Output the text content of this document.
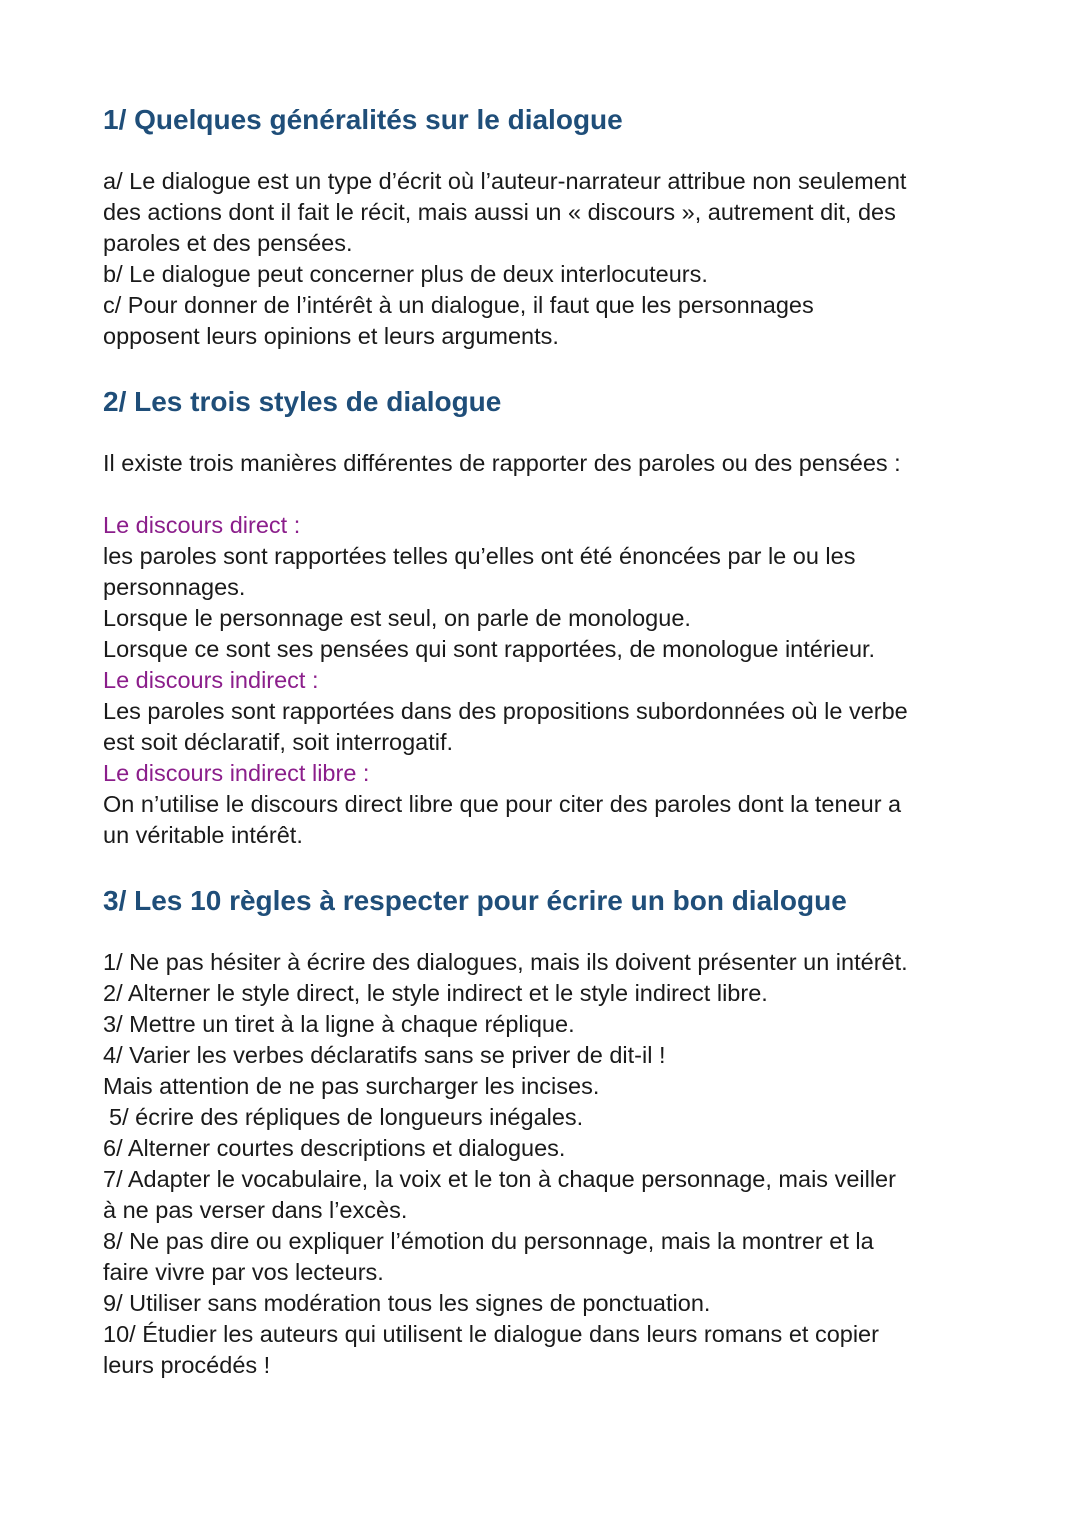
1/ Quelques généralités sur le dialogue

a/ Le dialogue est un type d’écrit où l’auteur-narrateur attribue non seulement

des actions dont il fait le récit, mais aussi un « discours », autrement dit, des

paroles et des pensées.

b/ Le dialogue peut concerner plus de deux interlocuteurs.

c/ Pour donner de l’intérêt à un dialogue, il faut que les personnages

opposent leurs opinions et leurs arguments.

2/ Les trois styles de dialogue

Il existe trois manières différentes de rapporter des paroles ou des pensées :

Le discours direct :

les paroles sont rapportées telles qu’elles ont été énoncées par le ou les

personnages.

Lorsque le personnage est seul, on parle de monologue.

Lorsque ce sont ses pensées qui sont rapportées, de monologue intérieur.

Le discours indirect :

Les paroles sont rapportées dans des propositions subordonnées où le verbe

est soit déclaratif, soit interrogatif.

Le discours indirect libre :

On n’utilise le discours direct libre que pour citer des paroles dont la teneur a

un véritable intérêt.

3/ Les 10 règles à respecter pour écrire un bon dialogue

1/ Ne pas hésiter à écrire des dialogues, mais ils doivent présenter un intérêt.

2/ Alterner le style direct, le style indirect et le style indirect libre.

3/ Mettre un tiret à la ligne à chaque réplique.

4/ Varier les verbes déclaratifs sans se priver de dit-il !

Mais attention de ne pas surcharger les incises.

5/ écrire des répliques de longueurs inégales.

6/ Alterner courtes descriptions et dialogues.

7/ Adapter le vocabulaire, la voix et le ton à chaque personnage, mais veiller

à ne pas verser dans l’excès.

8/ Ne pas dire ou expliquer l’émotion du personnage, mais la montrer et la

faire vivre par vos lecteurs.

9/ Utiliser sans modération tous les signes de ponctuation.

10/ Étudier les auteurs qui utilisent le dialogue dans leurs romans et copier

leurs procédés !
